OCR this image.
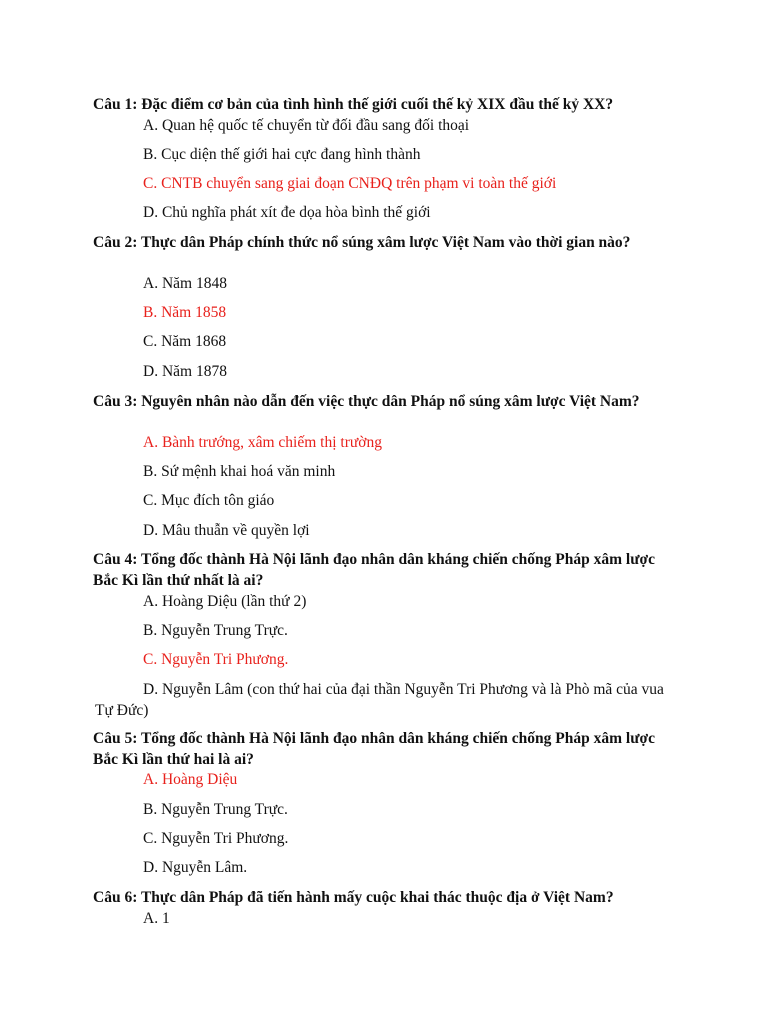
Câu 1: Đặc điểm cơ bản của tình hình thế giới cuối thế kỷ XIX đầu thế kỷ XX?
A. Quan hệ quốc tế chuyển từ đối đầu sang đối thoại
B. Cục diện thế giới hai cực đang hình thành
C. CNTB chuyển sang giai đoạn CNĐQ trên phạm vi toàn thế giới
D. Chủ nghĩa phát xít đe dọa hòa bình thế giới
Câu 2: Thực dân Pháp chính thức nổ súng xâm lược Việt Nam vào thời gian nào?
A. Năm 1848
B. Năm 1858
C. Năm 1868
D. Năm 1878
Câu 3: Nguyên nhân nào dẫn đến việc thực dân Pháp nổ súng xâm lược Việt Nam?
A. Bành trướng, xâm chiếm thị trường
B. Sứ mệnh khai hoá văn minh
C. Mục đích tôn giáo
D. Mâu thuẫn về quyền lợi
Câu 4: Tổng đốc thành Hà Nội lãnh đạo nhân dân kháng chiến chống Pháp xâm lược Bắc Kì lần thứ nhất là ai?
A. Hoàng Diệu (lần thứ 2)
B. Nguyễn Trung Trực.
C. Nguyễn Tri Phương.
D. Nguyễn Lâm (con thứ hai của đại thần Nguyễn Tri Phương và là Phò mã của vua Tự Đức)
Câu 5: Tổng đốc thành Hà Nội lãnh đạo nhân dân kháng chiến chống Pháp xâm lược Bắc Kì lần thứ hai là ai?
A. Hoàng Diệu
B. Nguyễn Trung Trực.
C. Nguyễn Tri Phương.
D. Nguyễn Lâm.
Câu 6: Thực dân Pháp đã tiến hành mấy cuộc khai thác thuộc địa ở Việt Nam?
A. 1
